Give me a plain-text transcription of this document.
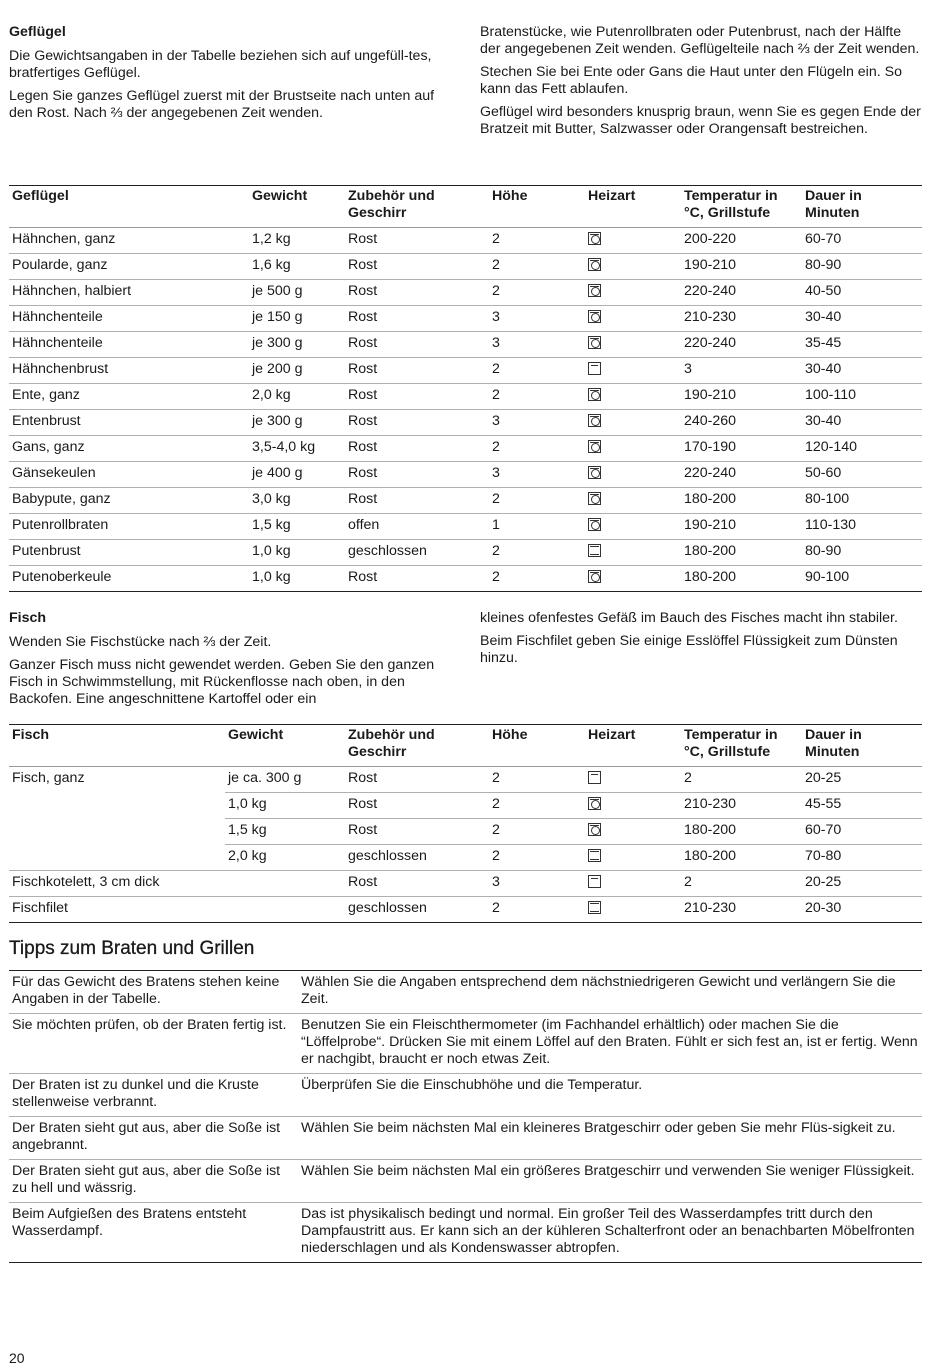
Geflügel

Die Gewichtsangaben in der Tabelle beziehen sich auf ungefüll-tes, bratfertiges Geflügel.

Legen Sie ganzes Geflügel zuerst mit der Brustseite nach unten auf den Rost. Nach ⅔ der angegebenen Zeit wenden.

Bratenstücke, wie Putenrollbraten oder Putenbrust, nach der Hälfte der angegebenen Zeit wenden. Geflügelteile nach ⅔ der Zeit wenden.

Stechen Sie bei Ente oder Gans die Haut unter den Flügeln ein. So kann das Fett ablaufen.

Geflügel wird besonders knusprig braun, wenn Sie es gegen Ende der Bratzeit mit Butter, Salzwasser oder Orangensaft bestreichen.

Geflügel	Gewicht	Zubehör und Geschirr	Höhe	Heizart	Temperatur in °C, Grillstufe	Dauer in Minuten
Hähnchen, ganz	1,2 kg	Rost	2		200-220	60-70
Poularde, ganz	1,6 kg	Rost	2		190-210	80-90
Hähnchen, halbiert	je 500 g	Rost	2		220-240	40-50
Hähnchenteile	je 150 g	Rost	3		210-230	30-40
Hähnchenteile	je 300 g	Rost	3		220-240	35-45
Hähnchenbrust	je 200 g	Rost	2		3	30-40
Ente, ganz	2,0 kg	Rost	2		190-210	100-110
Entenbrust	je 300 g	Rost	3		240-260	30-40
Gans, ganz	3,5-4,0 kg	Rost	2		170-190	120-140
Gänsekeulen	je 400 g	Rost	3		220-240	50-60
Babypute, ganz	3,0 kg	Rost	2		180-200	80-100
Putenrollbraten	1,5 kg	offen	1		190-210	110-130
Putenbrust	1,0 kg	geschlossen	2		180-200	80-90
Putenoberkeule	1,0 kg	Rost	2		180-200	90-100
Fisch

Wenden Sie Fischstücke nach ⅔ der Zeit.

Ganzer Fisch muss nicht gewendet werden. Geben Sie den ganzen Fisch in Schwimmstellung, mit Rückenflosse nach oben, in den Backofen. Eine angeschnittene Kartoffel oder ein

kleines ofenfestes Gefäß im Bauch des Fisches macht ihn stabiler.

Beim Fischfilet geben Sie einige Esslöffel Flüssigkeit zum Dünsten hinzu.

Fisch	Gewicht	Zubehör und Geschirr	Höhe	Heizart	Temperatur in °C, Grillstufe	Dauer in Minuten
Fisch, ganz	je ca. 300 g	Rost	2		2	20-25
	1,0 kg	Rost	2		210-230	45-55
	1,5 kg	Rost	2		180-200	60-70
	2,0 kg	geschlossen	2		180-200	70-80
Fischkotelett, 3 cm dick		Rost	3		2	20-25
Fischfilet		geschlossen	2		210-230	20-30
Tipps zum Braten und Grillen
Für das Gewicht des Bratens stehen keine Angaben in der Tabelle.	Wählen Sie die Angaben entsprechend dem nächstniedrigeren Gewicht und verlängern Sie die Zeit.
Sie möchten prüfen, ob der Braten fertig ist.	Benutzen Sie ein Fleischthermometer (im Fachhandel erhältlich) oder machen Sie die “Löffelprobe“. Drücken Sie mit einem Löffel auf den Braten. Fühlt er sich fest an, ist er fertig. Wenn er nachgibt, braucht er noch etwas Zeit.
Der Braten ist zu dunkel und die Kruste stellenweise verbrannt.	Überprüfen Sie die Einschubhöhe und die Temperatur.
Der Braten sieht gut aus, aber die Soße ist angebrannt.	Wählen Sie beim nächsten Mal ein kleineres Bratgeschirr oder geben Sie mehr Flüs-sigkeit zu.
Der Braten sieht gut aus, aber die Soße ist zu hell und wässrig.	Wählen Sie beim nächsten Mal ein größeres Bratgeschirr und verwenden Sie weniger Flüssigkeit.
Beim Aufgießen des Bratens entsteht Wasserdampf.	Das ist physikalisch bedingt und normal. Ein großer Teil des Wasserdampfes tritt durch den Dampfaustritt aus. Er kann sich an der kühleren Schalterfront oder an benachbarten Möbelfronten niederschlagen und als Kondenswasser abtropfen.
20
